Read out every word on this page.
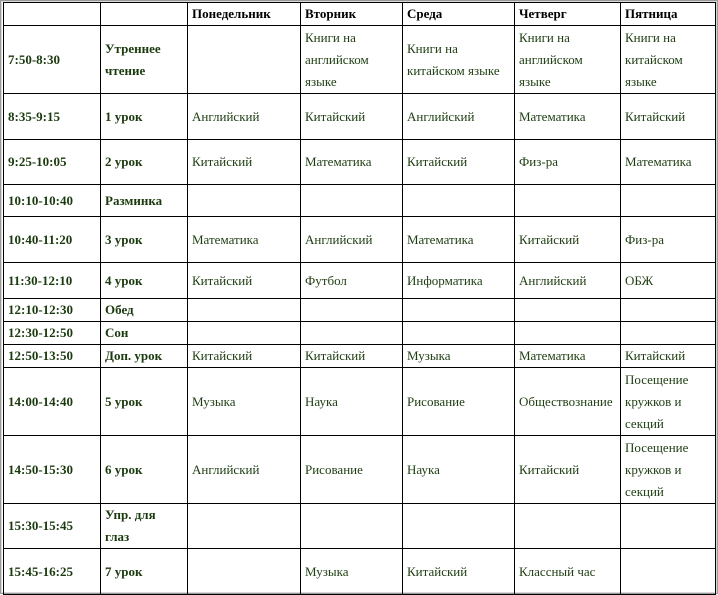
		Понедельник	Вторник	Среда	Четверг	Пятница
7:50-8:30	Утреннее чтение		Книги на английском языке	Книги на китайском языке	Книги на английском языке	Книги на китайском языке
8:35-9:15	1 урок	Английский	Китайский	Английский	Математика	Китайский
9:25-10:05	2 урок	Китайский	Математика	Китайский	Физ-ра	Математика
10:10-10:40	Разминка					
10:40-11:20	3 урок	Математика	Английский	Математика	Китайский	Физ-ра
11:30-12:10	4 урок	Китайский	Футбол	Информатика	Английский	ОБЖ
12:10-12:30	Обед					
12:30-12:50	Сон					
12:50-13:50	Доп. урок	Китайский	Китайский	Музыка	Математика	Китайский
14:00-14:40	5 урок	Музыка	Наука	Рисование	Обществознание	Посещение кружков и секций
14:50-15:30	6 урок	Английский	Рисование	Наука	Китайский	Посещение кружков и секций
15:30-15:45	Упр. для глаз					
15:45-16:25	7 урок		Музыка	Китайский	Классный час	
